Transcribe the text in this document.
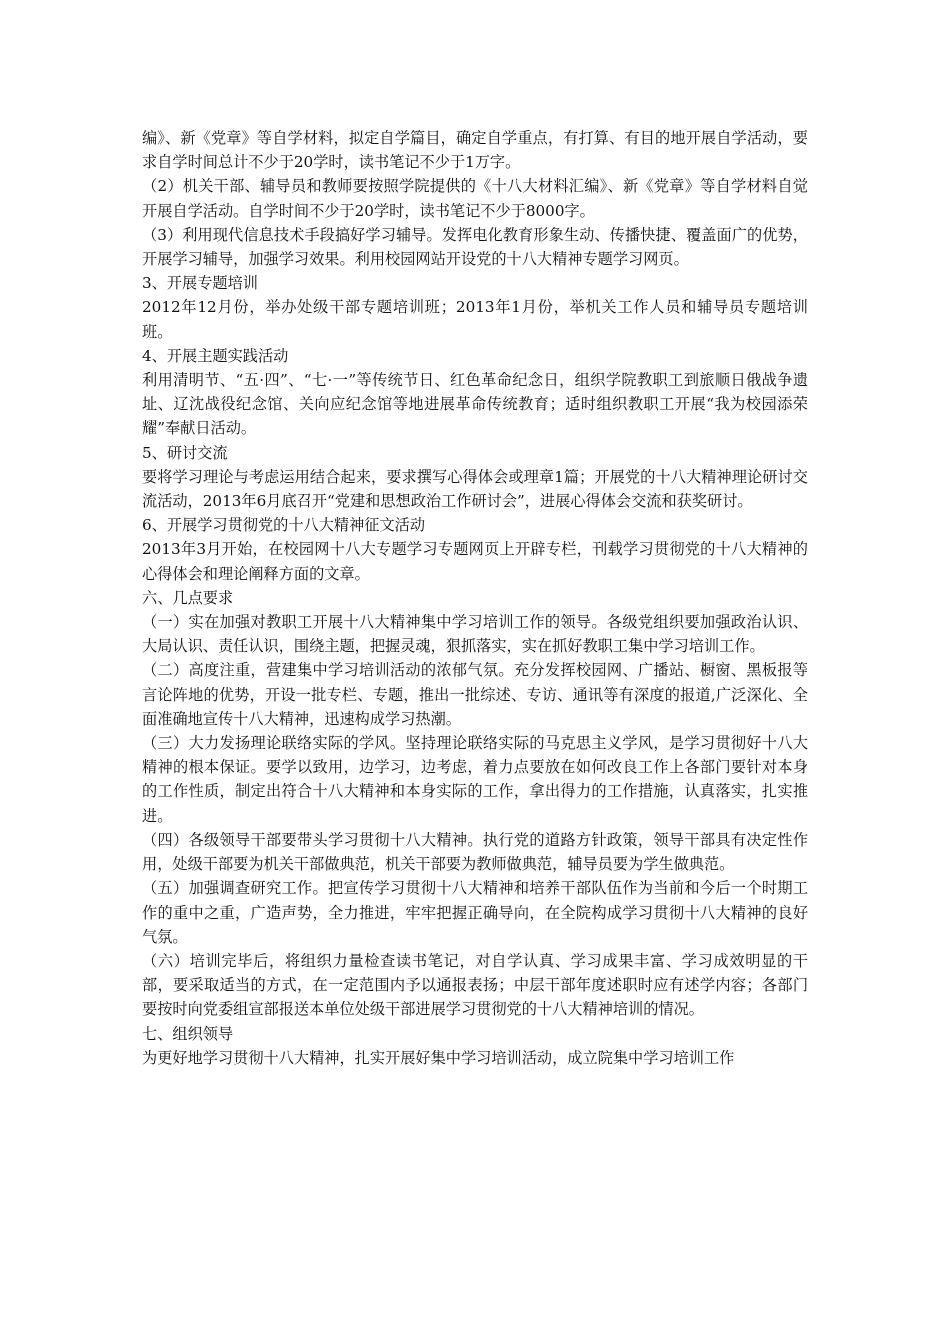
编》、新《党章》等自学材料，拟定自学篇目，确定自学重点，有打算、有目的地开展自学活动，要求自学时间总计不少于20学时，读书笔记不少于1万字。

（2）机关干部、辅导员和教师要按照学院提供的《十八大材料汇编》、新《党章》等自学材料自觉开展自学活动。自学时间不少于20学时，读书笔记不少于8000字。

（3）利用现代信息技术手段搞好学习辅导。发挥电化教育形象生动、传播快捷、覆盖面广的优势，开展学习辅导，加强学习效果。利用校园网站开设党的十八大精神专题学习网页。

3、开展专题培训

2012年12月份，举办处级干部专题培训班；2013年1月份，举机关工作人员和辅导员专题培训班。

4、开展主题实践活动

利用清明节、“五·四”、“七·一”等传统节日、红色革命纪念日，组织学院教职工到旅顺日俄战争遗址、辽沈战役纪念馆、关向应纪念馆等地进展革命传统教育；适时组织教职工开展“我为校园添荣耀”奉献日活动。

5、研讨交流

要将学习理论与考虑运用结合起来，要求撰写心得体会或理章1篇；开展党的十八大精神理论研讨交流活动，2013年6月底召开“党建和思想政治工作研讨会”，进展心得体会交流和获奖研讨。

6、开展学习贯彻党的十八大精神征文活动

2013年3月开始，在校园网十八大专题学习专题网页上开辟专栏，刊载学习贯彻党的十八大精神的心得体会和理论阐释方面的文章。

六、几点要求

（一）实在加强对教职工开展十八大精神集中学习培训工作的领导。各级党组织要加强政治认识、大局认识、责任认识，围绕主题，把握灵魂，狠抓落实，实在抓好教职工集中学习培训工作。

（二）高度注重，营建集中学习培训活动的浓郁气氛。充分发挥校园网、广播站、橱窗、黑板报等言论阵地的优势，开设一批专栏、专题，推出一批综述、专访、通讯等有深度的报道,广泛深化、全面准确地宣传十八大精神，迅速构成学习热潮。

（三）大力发扬理论联络实际的学风。坚持理论联络实际的马克思主义学风，是学习贯彻好十八大精神的根本保证。要学以致用，边学习，边考虑，着力点要放在如何改良工作上各部门要针对本身的工作性质，制定出符合十八大精神和本身实际的工作，拿出得力的工作措施，认真落实，扎实推进。

（四）各级领导干部要带头学习贯彻十八大精神。执行党的道路方针政策，领导干部具有决定性作用，处级干部要为机关干部做典范，机关干部要为教师做典范，辅导员要为学生做典范。

（五）加强调查研究工作。把宣传学习贯彻十八大精神和培养干部队伍作为当前和今后一个时期工作的重中之重，广造声势，全力推进，牢牢把握正确导向，在全院构成学习贯彻十八大精神的良好气氛。

（六）培训完毕后，将组织力量检查读书笔记，对自学认真、学习成果丰富、学习成效明显的干部，要采取适当的方式，在一定范围内予以通报表扬；中层干部年度述职时应有述学内容；各部门要按时向党委组宣部报送本单位处级干部进展学习贯彻党的十八大精神培训的情况。

七、组织领导

为更好地学习贯彻十八大精神，扎实开展好集中学习培训活动，成立院集中学习培训工作
